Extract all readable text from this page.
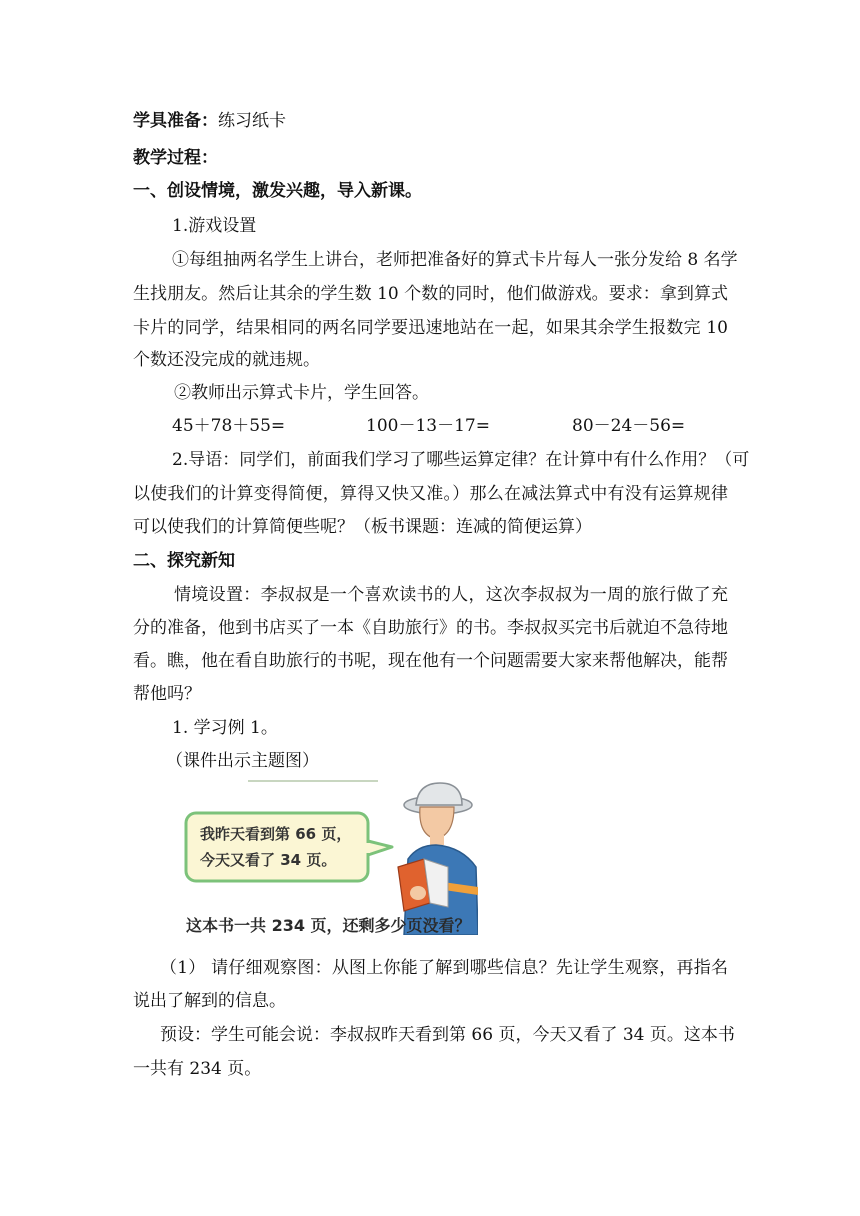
学具准备：练习纸卡
教学过程：
一、创设情境，激发兴趣，导入新课。
1.游戏设置
①每组抽两名学生上讲台，老师把准备好的算式卡片每人一张分发给 8 名学
生找朋友。然后让其余的学生数 10 个数的同时，他们做游戏。要求：拿到算式
卡片的同学，结果相同的两名同学要迅速地站在一起，如果其余学生报数完 10
个数还没完成的就违规。
②教师出示算式卡片，学生回答。
45＋78＋55=	100－13－17=	80－24－56=
2.导语：同学们，前面我们学习了哪些运算定律？在计算中有什么作用？（可
以使我们的计算变得简便，算得又快又准。）那么在减法算式中有没有运算规律
可以使我们的计算简便些呢？（板书课题：连减的简便运算）
二、探究新知
情境设置：李叔叔是一个喜欢读书的人，这次李叔叔为一周的旅行做了充
分的准备，他到书店买了一本《自助旅行》的书。李叔叔买完书后就迫不急待地
看。瞧，他在看自助旅行的书呢，现在他有一个问题需要大家来帮他解决，能帮
帮他吗？
1. 学习例 1。
（课件出示主题图）
我昨天看到第 66 页，
今天又看了 34 页。
这本书一共 234 页，还剩多少页没看？
（1） 请仔细观察图：从图上你能了解到哪些信息？先让学生观察，再指名
说出了解到的信息。
预设：学生可能会说：李叔叔昨天看到第 66 页，今天又看了 34 页。这本书
一共有 234 页。
